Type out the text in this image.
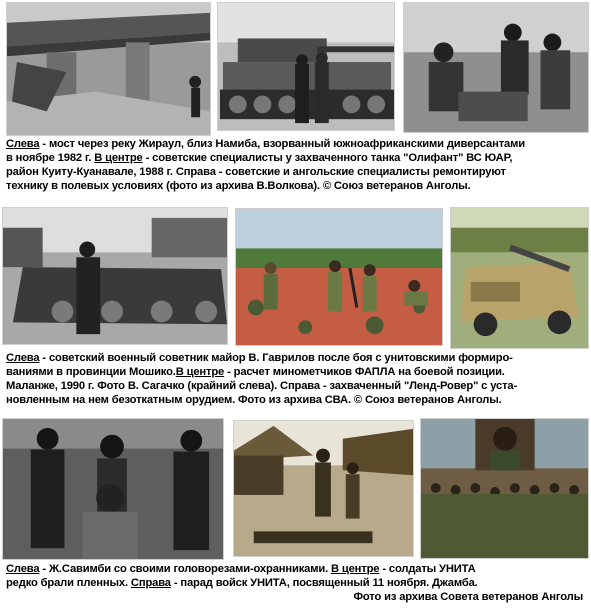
Слева - мост через реку Жираул, близ Намиба, взорванный южноафриканскими диверсантами
в ноябре 1982 г. В центре - советские специалисты у захваченного танка "Олифант" ВС ЮАР,
район Куиту-Куанавале, 1988 г. Справа - советские и ангольские специалисты ремонтируют
технику в полевых условиях (фото из архива В.Волкова). © Союз ветеранов Анголы.
Слева - советский военный советник майор В. Гаврилов после боя с унитовскими формиро-
ваниями в провинции Мошико.В центре - расчет минометчиков ФАПЛА на боевой позиции.
Маланже, 1990 г. Фото В. Сагачко (крайний слева). Справа - захваченный "Ленд-Ровер" с уста-
новленным на нем безоткатным орудием. Фото из архива СВА. © Союз ветеранов Анголы.
Слева - Ж.Савимби со своими головорезами-охранниками. В центре - солдаты УНИТА
редко брали пленных. Справа - парад войск УНИТА, посвященный 11 ноября. Джамба.
Фото из архива Совета ветеранов Анголы
